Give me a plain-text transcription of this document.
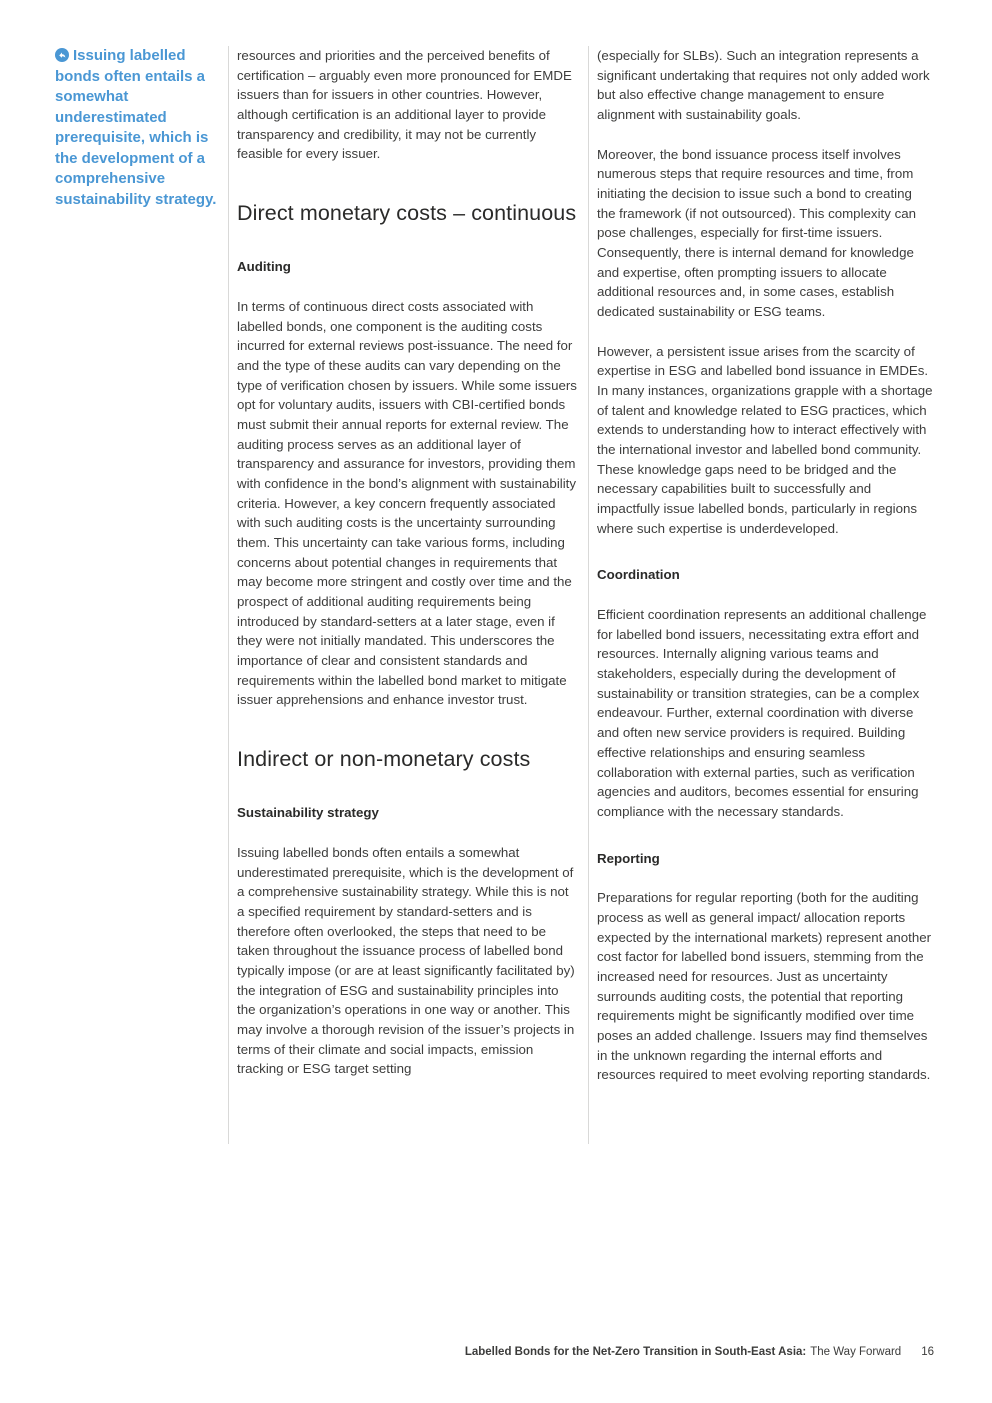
Issuing labelled bonds often entails a somewhat underestimated prerequisite, which is the development of a comprehensive sustainability strategy.

resources and priorities and the perceived benefits of certification – arguably even more pronounced for EMDE issuers than for issuers in other countries. However, although certification is an additional layer to provide transparency and credibility, it may not be currently feasible for every issuer.

Direct monetary costs – continuous
Auditing

In terms of continuous direct costs associated with labelled bonds, one component is the auditing costs incurred for external reviews post-issuance. The need for and the type of these audits can vary depending on the type of verification chosen by issuers. While some issuers opt for voluntary audits, issuers with CBI-certified bonds must submit their annual reports for external review. The auditing process serves as an additional layer of transparency and assurance for investors, providing them with confidence in the bond’s alignment with sustainability criteria. However, a key concern frequently associated with such auditing costs is the uncertainty surrounding them. This uncertainty can take various forms, including concerns about potential changes in requirements that may become more stringent and costly over time and the prospect of additional auditing requirements being introduced by standard-setters at a later stage, even if they were not initially mandated. This underscores the importance of clear and consistent standards and requirements within the labelled bond market to mitigate issuer apprehensions and enhance investor trust.

Indirect or non-monetary costs
Sustainability strategy

Issuing labelled bonds often entails a somewhat underestimated prerequisite, which is the development of a comprehensive sustainability strategy. While this is not a specified requirement by standard-setters and is therefore often overlooked, the steps that need to be taken throughout the issuance process of labelled bond typically impose (or are at least significantly facilitated by) the integration of ESG and sustainability principles into the organization’s operations in one way or another. This may involve a thorough revision of the issuer’s projects in terms of their climate and social impacts, emission tracking or ESG target setting

(especially for SLBs). Such an integration represents a significant undertaking that requires not only added work but also effective change management to ensure alignment with sustainability goals.

Moreover, the bond issuance process itself involves numerous steps that require resources and time, from initiating the decision to issue such a bond to creating the framework (if not outsourced). This complexity can pose challenges, especially for first-time issuers. Consequently, there is internal demand for knowledge and expertise, often prompting issuers to allocate additional resources and, in some cases, establish dedicated sustainability or ESG teams.

However, a persistent issue arises from the scarcity of expertise in ESG and labelled bond issuance in EMDEs. In many instances, organizations grapple with a shortage of talent and knowledge related to ESG practices, which extends to understanding how to interact effectively with the international investor and labelled bond community. These knowledge gaps need to be bridged and the necessary capabilities built to successfully and impactfully issue labelled bonds, particularly in regions where such expertise is underdeveloped.

Coordination

Efficient coordination represents an additional challenge for labelled bond issuers, necessitating extra effort and resources. Internally aligning various teams and stakeholders, especially during the development of sustainability or transition strategies, can be a complex endeavour. Further, external coordination with diverse and often new service providers is required. Building effective relationships and ensuring seamless collaboration with external parties, such as verification agencies and auditors, becomes essential for ensuring compliance with the necessary standards.

Reporting

Preparations for regular reporting (both for the auditing process as well as general impact/ allocation reports expected by the international markets) represent another cost factor for labelled bond issuers, stemming from the increased need for resources. Just as uncertainty surrounds auditing costs, the potential that reporting requirements might be significantly modified over time poses an added challenge. Issuers may find themselves in the unknown regarding the internal efforts and resources required to meet evolving reporting standards.

Labelled Bonds for the Net-Zero Transition in South-East Asia: The Way Forward 16
